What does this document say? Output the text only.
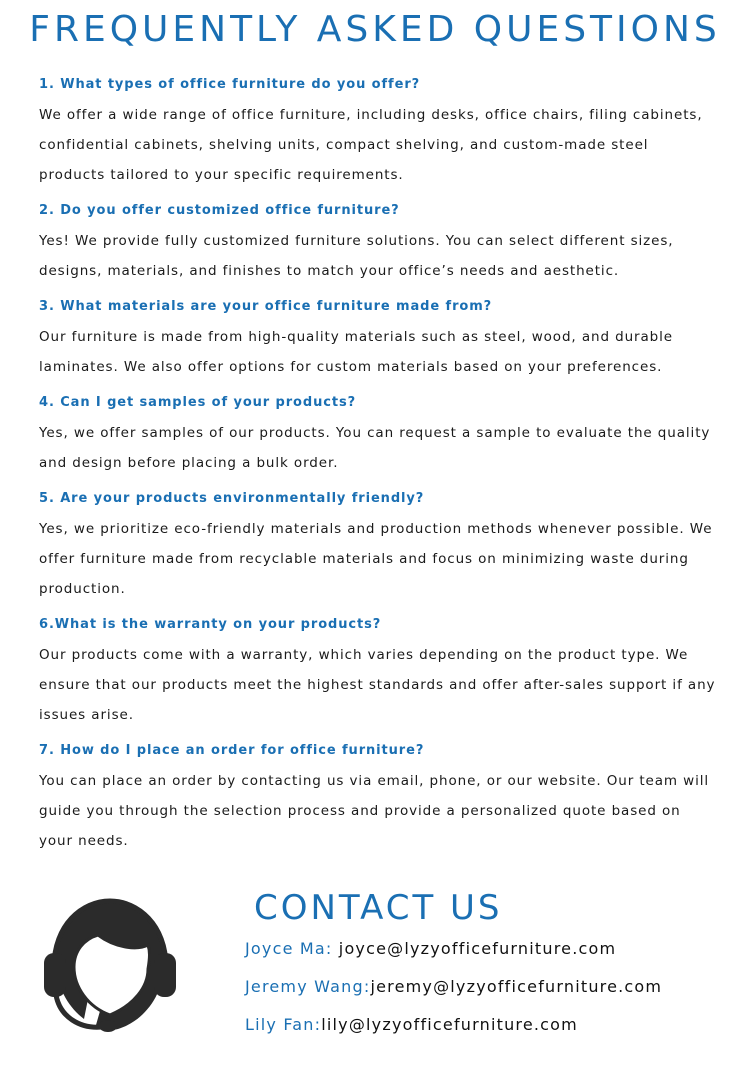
FREQUENTLY ASKED QUESTIONS

1. What types of office furniture do you offer?

We offer a wide range of office furniture, including desks, office chairs, filing cabinets, confidential cabinets, shelving units, compact shelving, and custom-made steel products tailored to your specific requirements.

2. Do you offer customized office furniture?

Yes! We provide fully customized furniture solutions. You can select different sizes, designs, materials, and finishes to match your office’s needs and aesthetic.

3. What materials are your office furniture made from?

Our furniture is made from high-quality materials such as steel, wood, and durable laminates. We also offer options for custom materials based on your preferences.

4. Can I get samples of your products?

Yes, we offer samples of our products. You can request a sample to evaluate the quality and design before placing a bulk order.

5. Are your products environmentally friendly?

Yes, we prioritize eco-friendly materials and production methods whenever possible. We offer furniture made from recyclable materials and focus on minimizing waste during production.

6.What is the warranty on your products?

Our products come with a warranty, which varies depending on the product type. We ensure that our products meet the highest standards and offer after-sales support if any issues arise.

7. How do I place an order for office furniture?

You can place an order by contacting us via email, phone, or our website. Our team will guide you through the selection process and provide a personalized quote based on your needs.

CONTACT US
Joyce Ma: joyce@lyzyofficefurniture.com
Jeremy Wang:jeremy@lyzyofficefurniture.com
Lily Fan:lily@lyzyofficefurniture.com
